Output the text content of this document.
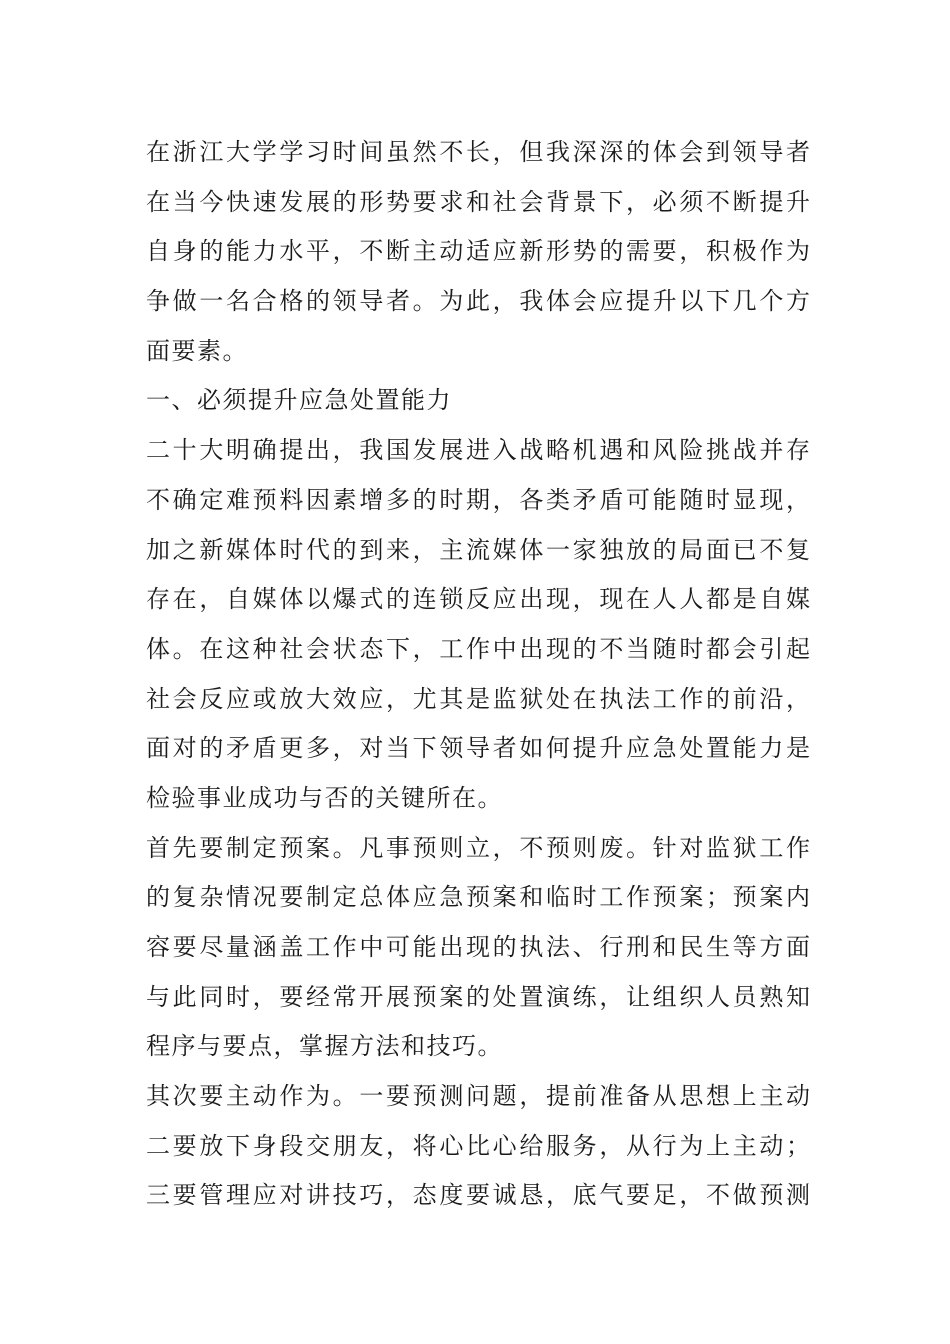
在浙江大学学习时间虽然不长，但我深深的体会到领导者
在当今快速发展的形势要求和社会背景下，必须不断提升
自身的能力水平，不断主动适应新形势的需要，积极作为
争做一名合格的领导者。为此，我体会应提升以下几个方
面要素。
一、必须提升应急处置能力
二十大明确提出，我国发展进入战略机遇和风险挑战并存
不确定难预料因素增多的时期，各类矛盾可能随时显现，
加之新媒体时代的到来，主流媒体一家独放的局面已不复
存在，自媒体以爆式的连锁反应出现，现在人人都是自媒
体。在这种社会状态下，工作中出现的不当随时都会引起
社会反应或放大效应，尤其是监狱处在执法工作的前沿，
面对的矛盾更多，对当下领导者如何提升应急处置能力是
检验事业成功与否的关键所在。
首先要制定预案。凡事预则立，不预则废。针对监狱工作
的复杂情况要制定总体应急预案和临时工作预案；预案内
容要尽量涵盖工作中可能出现的执法、行刑和民生等方面
与此同时，要经常开展预案的处置演练，让组织人员熟知
程序与要点，掌握方法和技巧。
其次要主动作为。一要预测问题，提前准备从思想上主动
二要放下身段交朋友，将心比心给服务，从行为上主动；
三要管理应对讲技巧，态度要诚恳，底气要足，不做预测
